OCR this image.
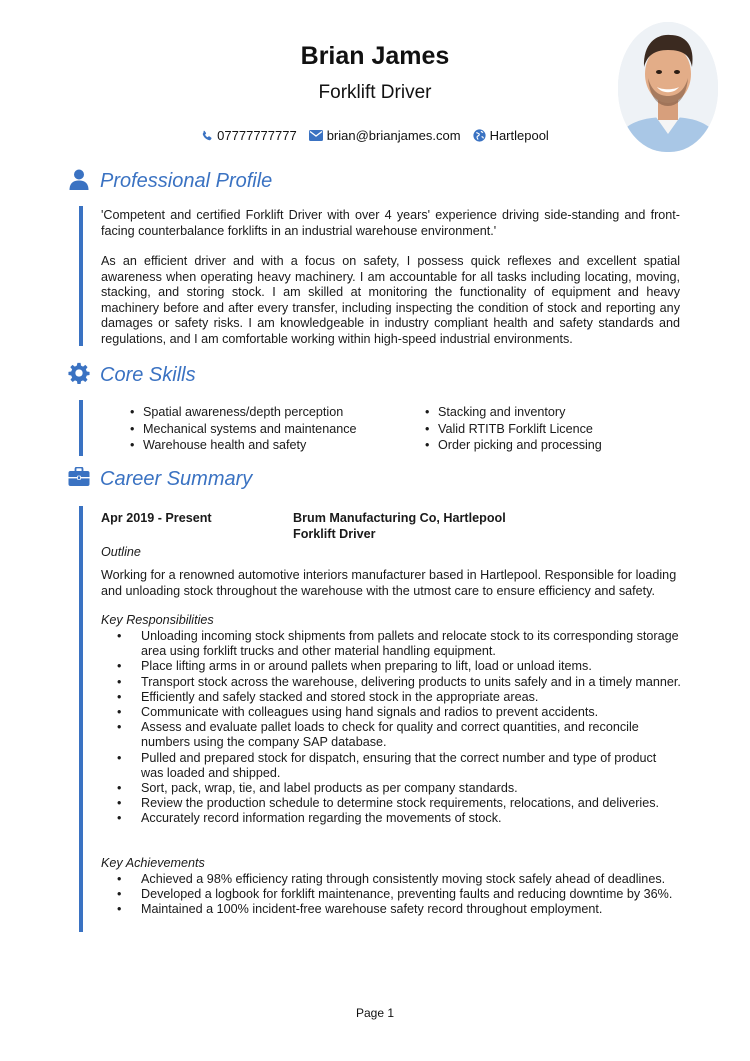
Brian James
Forklift Driver
07777777777 brian@brianjames.com Hartlepool
Professional Profile
'Competent and certified Forklift Driver with over 4 years' experience driving side-standing and front-facing counterbalance forklifts in an industrial warehouse environment.'
As an efficient driver and with a focus on safety, I possess quick reflexes and excellent spatial awareness when operating heavy machinery. I am accountable for all tasks including locating, moving, stacking, and storing stock. I am skilled at monitoring the functionality of equipment and heavy machinery before and after every transfer, including inspecting the condition of stock and reporting any damages or safety risks. I am knowledgeable in industry compliant health and safety standards and regulations, and I am comfortable working within high-speed industrial environments.
Core Skills
• Spatial awareness/depth perception	• Stacking and inventory
• Mechanical systems and maintenance	• Valid RTITB Forklift Licence
• Warehouse health and safety	• Order picking and processing
Career Summary
Apr 2019 - Present	Brum Manufacturing Co, Hartlepool
Forklift Driver
Outline
Working for a renowned automotive interiors manufacturer based in Hartlepool. Responsible for loading and unloading stock throughout the warehouse with the utmost care to ensure efficiency and safety.
Key Responsibilities
• Unloading incoming stock shipments from pallets and relocate stock to its corresponding storage area using forklift trucks and other material handling equipment.
• Place lifting arms in or around pallets when preparing to lift, load or unload items.
• Transport stock across the warehouse, delivering products to units safely and in a timely manner.
• Efficiently and safely stacked and stored stock in the appropriate areas.
• Communicate with colleagues using hand signals and radios to prevent accidents.
• Assess and evaluate pallet loads to check for quality and correct quantities, and reconcile numbers using the company SAP database.
• Pulled and prepared stock for dispatch, ensuring that the correct number and type of product was loaded and shipped.
• Sort, pack, wrap, tie, and label products as per company standards.
• Review the production schedule to determine stock requirements, relocations, and deliveries.
• Accurately record information regarding the movements of stock.
Key Achievements
• Achieved a 98% efficiency rating through consistently moving stock safely ahead of deadlines.
• Developed a logbook for forklift maintenance, preventing faults and reducing downtime by 36%.
• Maintained a 100% incident-free warehouse safety record throughout employment.
Page 1
